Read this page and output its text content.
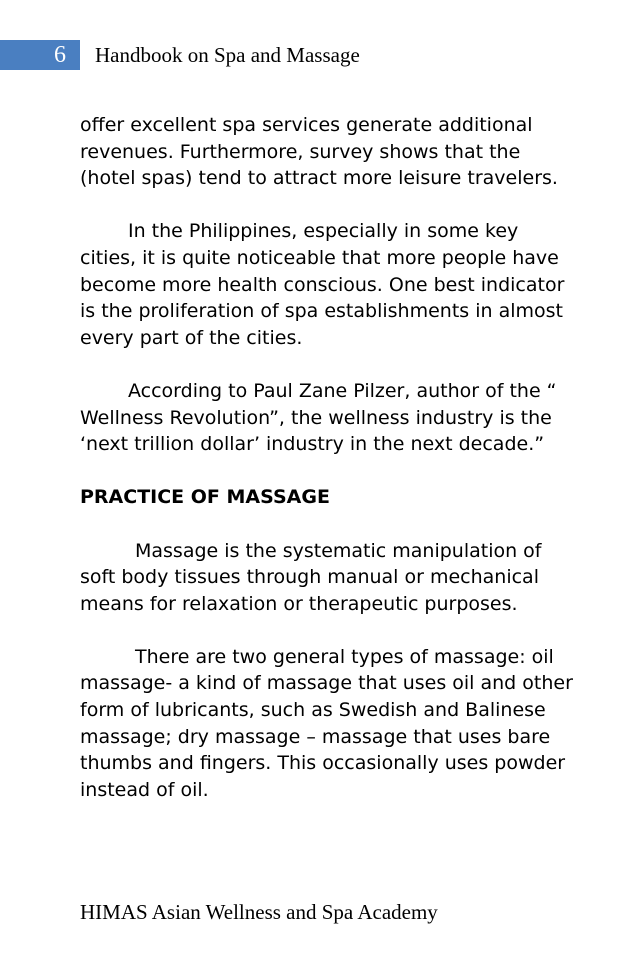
6	Handbook on Spa and Massage
offer excellent spa services generate additional
revenues. Furthermore, survey shows that the
(hotel spas) tend to attract more leisure travelers.
In the Philippines, especially in some key
cities, it is quite noticeable that more people have
become more health conscious. One best indicator
is the proliferation of spa establishments in almost
every part of the cities.
According to Paul Zane Pilzer, author of the “
Wellness Revolution”, the wellness industry is the
‘next trillion dollar’ industry in the next decade.”
PRACTICE OF MASSAGE
Massage is the systematic manipulation of
soft body tissues through manual or mechanical
means for relaxation or therapeutic purposes.
There are two general types of massage: oil
massage- a kind of massage that uses oil and other
form of lubricants, such as Swedish and Balinese
massage; dry massage – massage that uses bare
thumbs and fingers. This occasionally uses powder
instead of oil.
HIMAS Asian Wellness and Spa Academy
